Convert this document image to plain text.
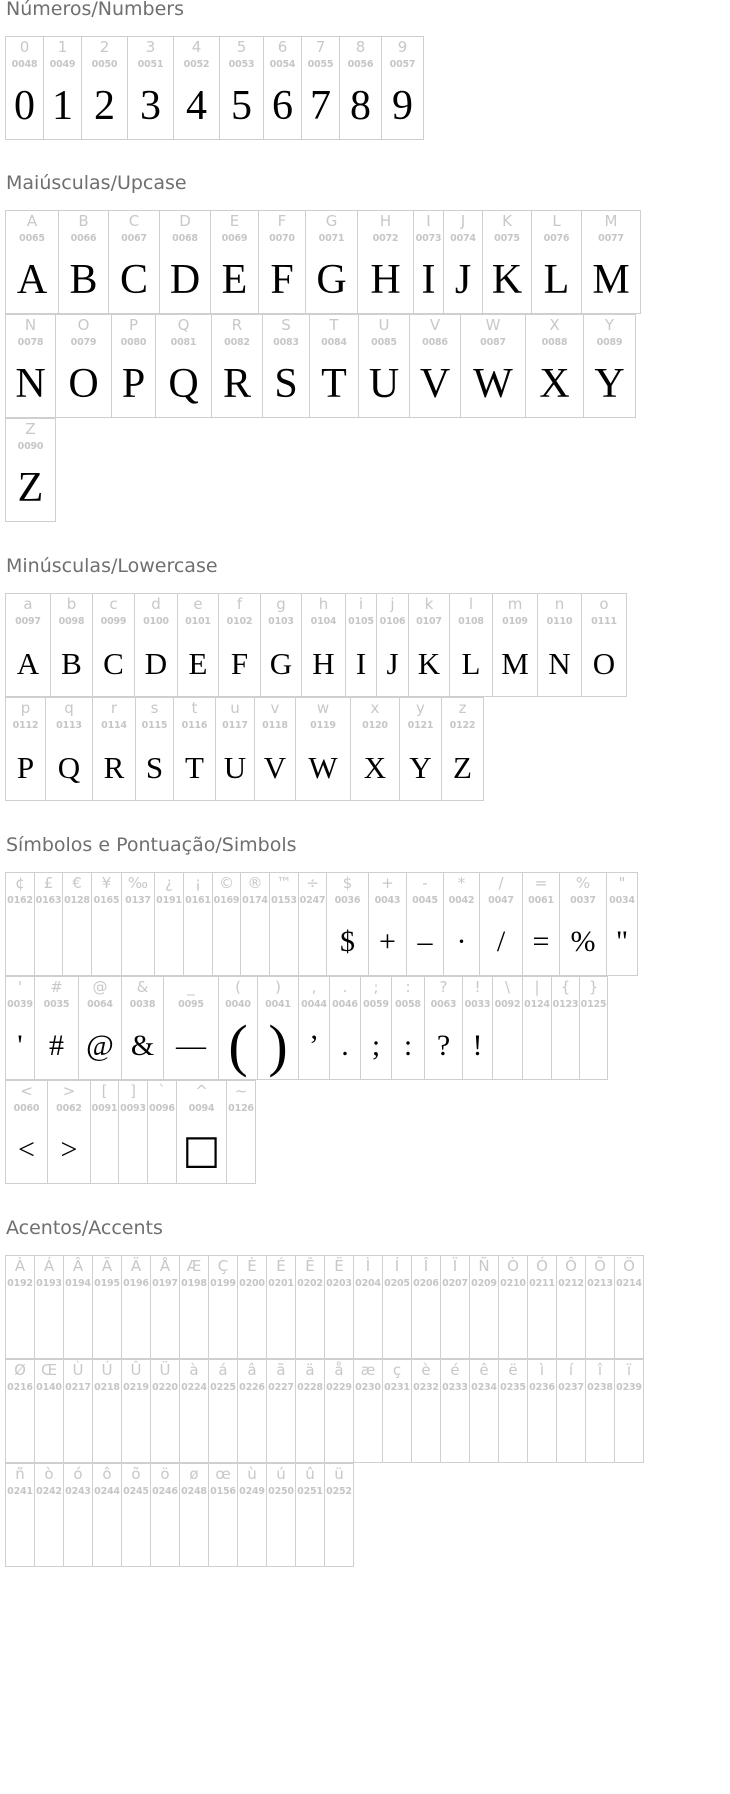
Números/Numbers
0
0048
0
1
0049
1
2
0050
2
3
0051
3
4
0052
4
5
0053
5
6
0054
6
7
0055
7
8
0056
8
9
0057
9
Maiúsculas/Upcase
A
0065
A
B
0066
B
C
0067
C
D
0068
D
E
0069
E
F
0070
F
G
0071
G
H
0072
H
I
0073
I
J
0074
J
K
0075
K
L
0076
L
M
0077
M
N
0078
N
O
0079
O
P
0080
P
Q
0081
Q
R
0082
R
S
0083
S
T
0084
T
U
0085
U
V
0086
V
W
0087
W
X
0088
X
Y
0089
Y
Z
0090
Z
Minúsculas/Lowercase
a
0097
A
b
0098
B
c
0099
C
d
0100
D
e
0101
E
f
0102
F
g
0103
G
h
0104
H
i
0105
I
j
0106
J
k
0107
K
l
0108
L
m
0109
M
n
0110
N
o
0111
O
p
0112
P
q
0113
Q
r
0114
R
s
0115
S
t
0116
T
u
0117
U
v
0118
V
w
0119
W
x
0120
X
y
0121
Y
z
0122
Z
Símbolos e Pontuação/Simbols
¢
0162
£
0163
€
0128
¥
0165
‰
0137
¿
0191
¡
0161
©
0169
®
0174
™
0153
÷
0247
$
0036
$
+
0043
+
-
0045
–
*
0042
·
/
0047
/
=
0061
=
%
0037
%
"
0034
"
'
0039
'
#
0035
#
@
0064
@
&
0038
&
_
0095
—
(
0040
(
)
0041
)
,
0044
’
.
0046
.
;
0059
;
:
0058
:
?
0063
?
!
0033
!
\
0092
|
0124
{
0123
}
0125
<
0060
<
>
0062
>
[
0091
]
0093
`
0096
^
0094
□
~
0126
Acentos/Accents
À
0192
Á
0193
Â
0194
Ã
0195
Ä
0196
Å
0197
Æ
0198
Ç
0199
È
0200
É
0201
Ê
0202
Ë
0203
Ì
0204
Í
0205
Î
0206
Ï
0207
Ñ
0209
Ò
0210
Ó
0211
Ô
0212
Õ
0213
Ö
0214
Ø
0216
Œ
0140
Ù
0217
Ú
0218
Û
0219
Ü
0220
à
0224
á
0225
â
0226
ã
0227
ä
0228
å
0229
æ
0230
ç
0231
è
0232
é
0233
ê
0234
ë
0235
ì
0236
í
0237
î
0238
ï
0239
ñ
0241
ò
0242
ó
0243
ô
0244
õ
0245
ö
0246
ø
0248
œ
0156
ù
0249
ú
0250
û
0251
ü
0252
